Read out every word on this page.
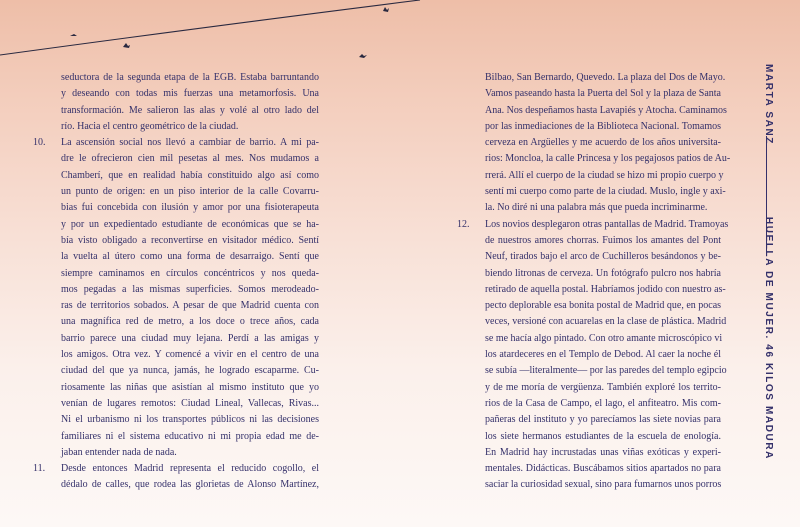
seductora de la segunda etapa de la EGB. Estaba barruntando
y deseando con todas mis fuerzas una metamorfosis. Una
transformación. Me salieron las alas y volé al otro lado del
río. Hacia el centro geométrico de la ciudad.
10.	La ascensión social nos llevó a cambiar de barrio. A mi pa-
dre le ofrecieron cien mil pesetas al mes. Nos mudamos a
Chamberí, que en realidad había constituido algo así como
un punto de origen: en un piso interior de la calle Covarru-
bias fui concebida con ilusión y amor por una fisioterapeuta
y por un expedientado estudiante de económicas que se ha-
bía visto obligado a reconvertirse en visitador médico. Sentí
la vuelta al útero como una forma de desarraigo. Sentí que
siempre caminamos en círculos concéntricos y nos queda-
mos pegadas a las mismas superficies. Somos merodeado-
ras de territorios sobados. A pesar de que Madrid cuenta con
una magnífica red de metro, a los doce o trece años, cada
barrio parece una ciudad muy lejana. Perdí a las amigas y
los amigos. Otra vez. Y comencé a vivir en el centro de una
ciudad del que ya nunca, jamás, he logrado escaparme. Cu-
riosamente las niñas que asistían al mismo instituto que yo
venían de lugares remotos: Ciudad Lineal, Vallecas, Rivas...
Ni el urbanismo ni los transportes públicos ni las decisiones
familiares ni el sistema educativo ni mi propia edad me de-
jaban entender nada de nada.
11.	Desde entonces Madrid representa el reducido cogollo, el
dédalo de calles, que rodea las glorietas de Alonso Martínez,
Bilbao, San Bernardo, Quevedo. La plaza del Dos de Mayo.
Vamos paseando hasta la Puerta del Sol y la plaza de Santa
Ana. Nos despeñamos hasta Lavapiés y Atocha. Caminamos
por las inmediaciones de la Biblioteca Nacional. Tomamos
cerveza en Argüelles y me acuerdo de los años universita-
rios: Moncloa, la calle Princesa y los pegajosos patios de Au-
rrerá. Allí el cuerpo de la ciudad se hizo mi propio cuerpo y
sentí mi cuerpo como parte de la ciudad. Muslo, ingle y axi-
la. No diré ni una palabra más que pueda incriminarme.
12.	Los novios desplegaron otras pantallas de Madrid. Tramoyas
de nuestros amores chorras. Fuimos los amantes del Pont
Neuf, tirados bajo el arco de Cuchilleros besándonos y be-
biendo litronas de cerveza. Un fotógrafo pulcro nos habría
retirado de aquella postal. Habríamos jodido con nuestro as-
pecto deplorable esa bonita postal de Madrid que, en pocas
veces, versioné con acuarelas en la clase de plástica. Madrid
se me hacía algo pintado. Con otro amante microscópico vi
los atardeceres en el Templo de Debod. Al caer la noche él
se subía —literalmente— por las paredes del templo egipcio
y de me moría de vergüenza. También exploré los territo-
rios de la Casa de Campo, el lago, el anfiteatro. Mis com-
pañeras del instituto y yo parecíamos las siete novias para
los siete hermanos estudiantes de la escuela de enología.
En Madrid hay incrustadas unas viñas exóticas y experi-
mentales. Didácticas. Buscábamos sitios apartados no para
saciar la curiosidad sexual, sino para fumarnos unos porros
MARTA SANZ
HUELLA DE MUJER. 46 KILOS MADURA
